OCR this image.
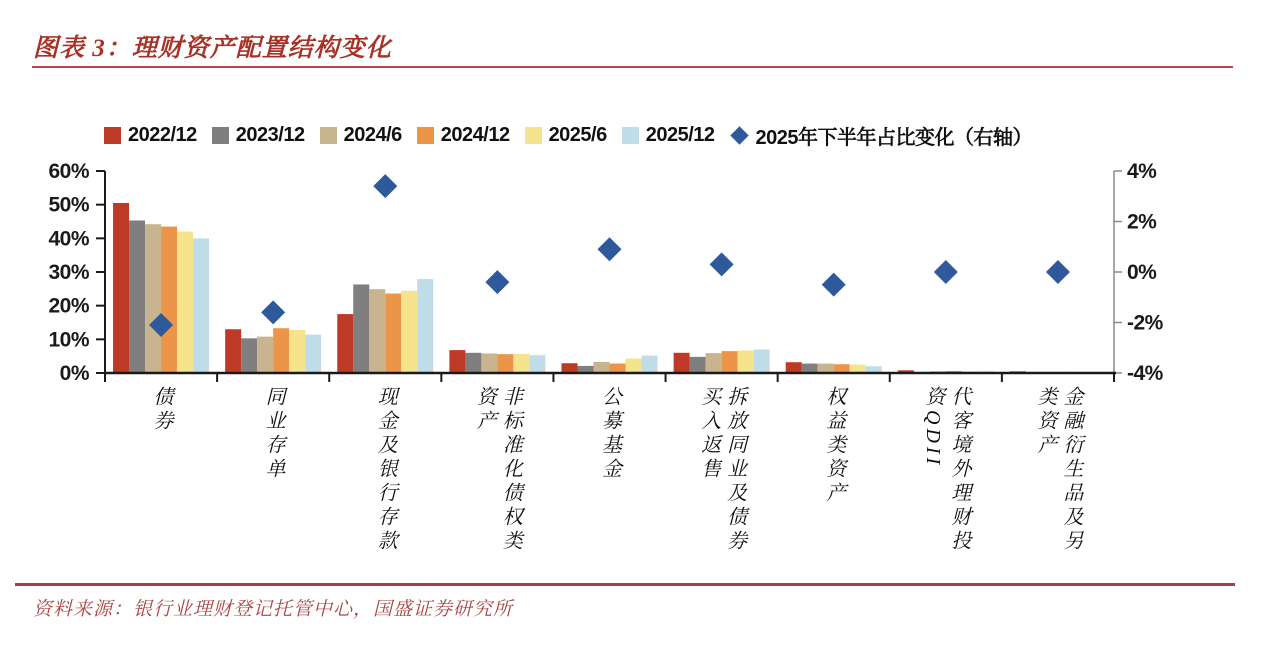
图表 3：理财资产配置结构变化
2022/12 2023/12 2024/6 2024/12 2025/6 2025/12 2025年下半年占比变化（右轴）
0%
10%
20%
30%
40%
50%
60%
-4%
-2%
0%
2%
4%
债券	同业存单	现金及银行存款	非标准化债权类资产	公募基金	拆放同业及债券买入返售	权益类资产	代客境外理财投资QDII	金融衍生品及另类资产
资料来源：银行业理财登记托管中心，国盛证券研究所
